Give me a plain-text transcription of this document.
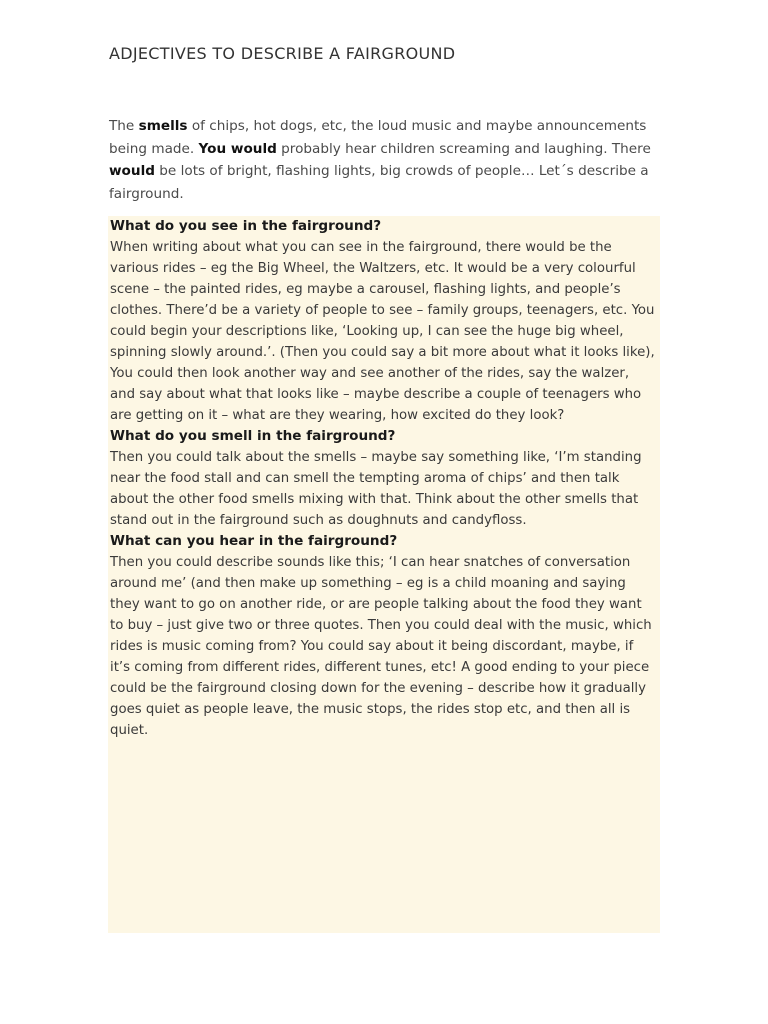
ADJECTIVES TO DESCRIBE A FAIRGROUND

The smells of chips, hot dogs, etc, the loud music and maybe announcements being made. You would probably hear children screaming and laughing. There would be lots of bright, flashing lights, big crowds of people… Let´s describe a fairground.

What do you see in the fairground?

When writing about what you can see in the fairground, there would be the various rides – eg the Big Wheel, the Waltzers, etc. It would be a very colourful scene – the painted rides, eg maybe a carousel, flashing lights, and people’s clothes. There’d be a variety of people to see – family groups, teenagers, etc. You could begin your descriptions like, ‘Looking up, I can see the huge big wheel, spinning slowly around.’. (Then you could say a bit more about what it looks like), You could then look another way and see another of the rides, say the walzer, and say about what that looks like – maybe describe a couple of teenagers who are getting on it – what are they wearing, how excited do they look?

What do you smell in the fairground?

Then you could talk about the smells – maybe say something like, ‘I’m standing near the food stall and can smell the tempting aroma of chips’ and then talk about the other food smells mixing with that. Think about the other smells that stand out in the fairground such as doughnuts and candyfloss.

What can you hear in the fairground?

Then you could describe sounds like this; ‘I can hear snatches of conversation around me’ (and then make up something – eg is a child moaning and saying they want to go on another ride, or are people talking about the food they want to buy – just give two or three quotes. Then you could deal with the music, which rides is music coming from? You could say about it being discordant, maybe, if it’s coming from different rides, different tunes, etc! A good ending to your piece could be the fairground closing down for the evening – describe how it gradually goes quiet as people leave, the music stops, the rides stop etc, and then all is quiet.
